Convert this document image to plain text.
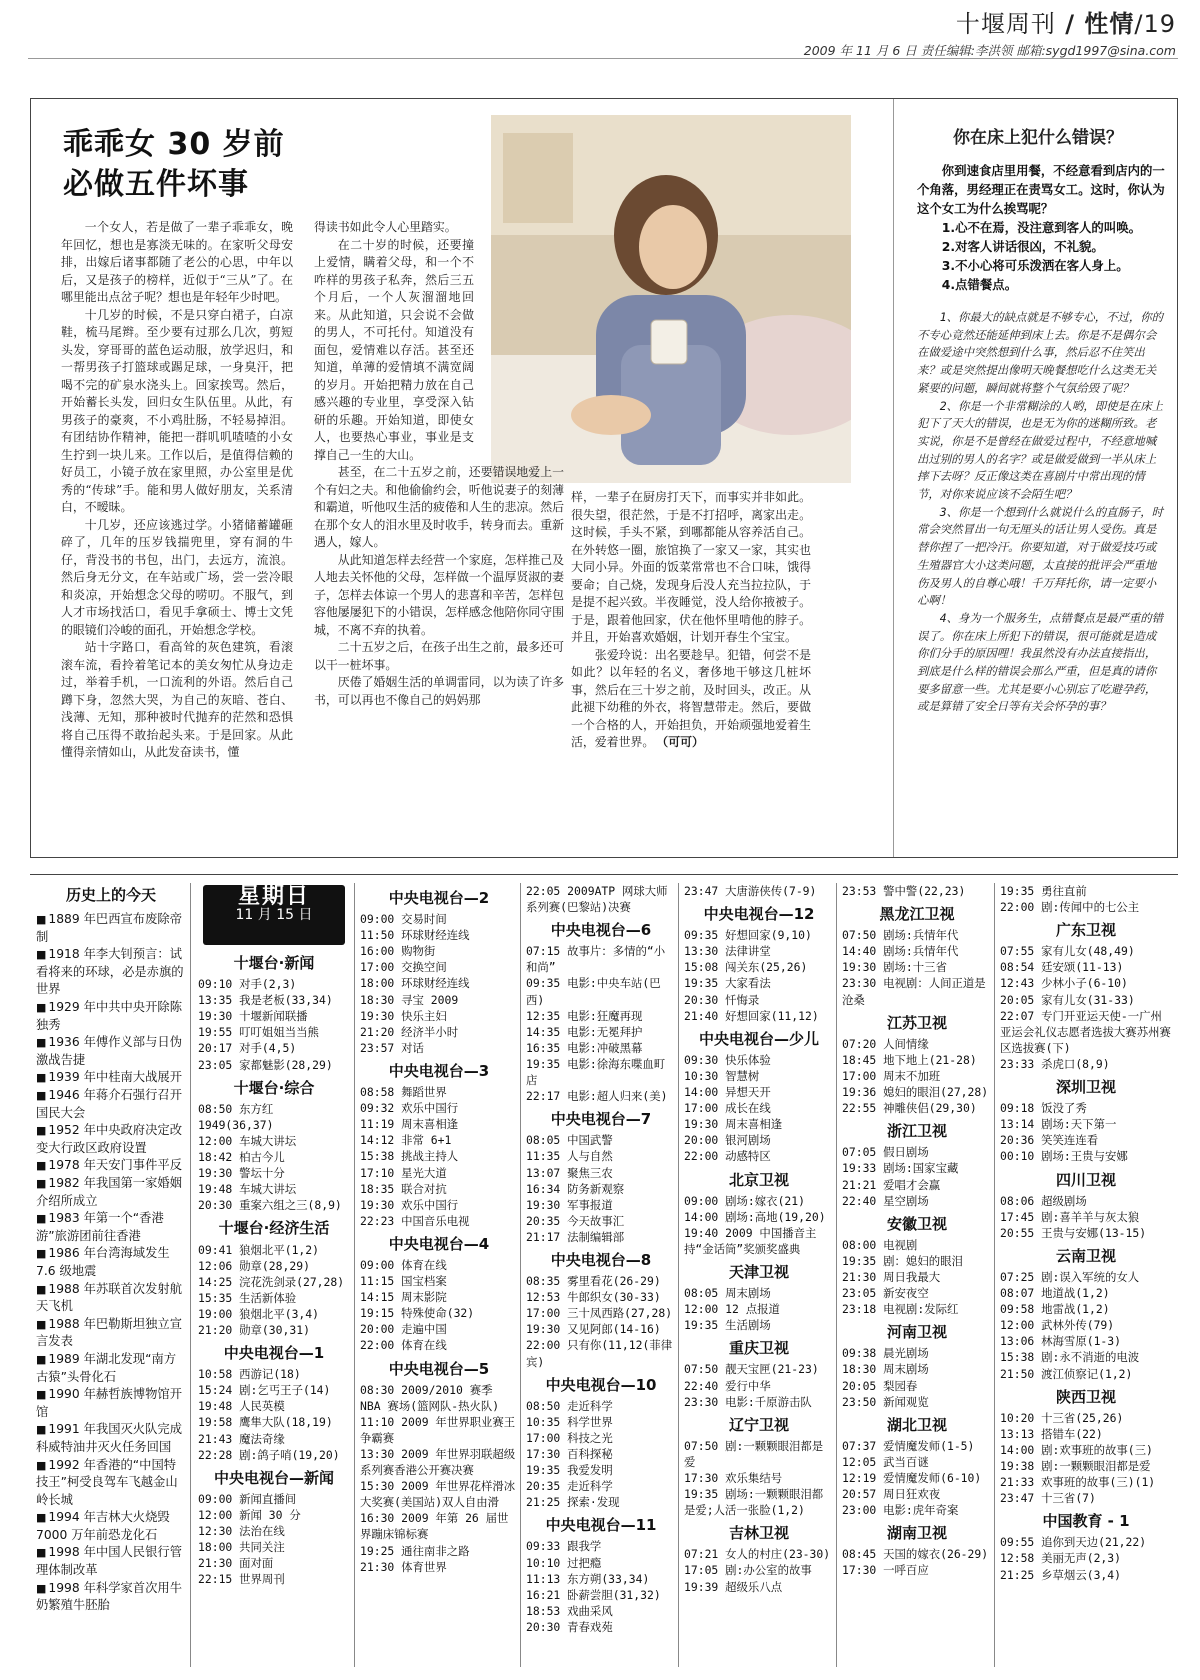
十堰周刊 / 性情/19
2009 年 11 月 6 日 责任编辑:李洪领 邮箱:sygd1997@sina.com
乖乖女 30 岁前
必做五件坏事

一个女人，若是做了一辈子乖乖女，晚年回忆，想也是寡淡无味的。在家听父母安排，出嫁后诸事都随了老公的心思，中年以后，又是孩子的榜样，近似于“三从”了。在哪里能出点岔子呢？想也是年轻年少时吧。

十几岁的时候，不是只穿白裙子，白凉鞋，梳马尾辫。至少要有过那么几次，剪短头发，穿哥哥的蓝色运动服，放学迟归，和一帮男孩子打篮球或踢足球，一身臭汗，把喝不完的矿泉水浇头上。回家挨骂。然后，开始蓄长头发，回归女生队伍里。从此，有男孩子的豪爽，不小鸡肚肠，不轻易掉泪。有团结协作精神，能把一群叽叽喳喳的小女生拧到一块儿来。工作以后，是值得信赖的好员工，小镜子放在家里照，办公室里是优秀的“传球”手。能和男人做好朋友，关系清白，不暧昧。

十几岁，还应该逃过学。小猪储蓄罐砸碎了，几年的压岁钱揣兜里，穿有洞的牛仔，背没书的书包，出门，去远方，流浪。然后身无分文，在车站或广场，尝一尝冷眼和炎凉，开始想念父母的唠叨。不服气，到人才市场找活口，看见手拿硕士、博士文凭的眼镜们冷峻的面孔，开始想念学校。

站十字路口，看高耸的灰色建筑，看滚滚车流，看拎着笔记本的美女匆忙从身边走过，举着手机，一口流利的外语。然后自己蹲下身，忽然大哭，为自己的灰暗、苍白、浅薄、无知，那种被时代抛弃的茫然和恐惧将自己压得不敢抬起头来。于是回家。从此懂得亲情如山，从此发奋读书，懂

得读书如此令人心里踏实。

在二十岁的时候，还要撞上爱情，瞒着父母，和一个不咋样的男孩子私奔，然后三五个月后，一个人灰溜溜地回来。从此知道，只会说不会做的男人，不可托付。知道没有面包，爱情难以存活。甚至还知道，单薄的爱情填不满宽阔的岁月。开始把精力放在自己感兴趣的专业里，享受深入钻研的乐趣。开始知道，即使女人，也要热心事业，事业是支撑自己一生的大山。

甚至，在二十五岁之前，还要错误地爱上一个有妇之夫。和他偷偷约会，听他说妻子的刻薄和霸道，听他叹生活的疲倦和人生的悲凉。然后在那个女人的泪水里及时收手，转身而去。重新遇人，嫁人。

从此知道怎样去经营一个家庭，怎样推己及人地去关怀他的父母，怎样做一个温厚贤淑的妻子，怎样去体谅一个男人的悲喜和辛苦，怎样包容他屡屡犯下的小错误，怎样感念他陪你同守围城，不离不弃的执着。

二十五岁之后，在孩子出生之前，最多还可以干一桩坏事。

厌倦了婚姻生活的单调雷同，以为读了许多书，可以再也不像自己的妈妈那

样，一辈子在厨房打天下，而事实并非如此。很失望，很茫然，于是不打招呼，离家出走。这时候，手头不紧，到哪都能从容养活自己。在外转悠一圈，旅馆换了一家又一家，其实也大同小异。外面的饭菜常常也不合口味，饿得要命；自己烧，发现身后没人充当拉拉队，于是提不起兴致。半夜睡觉，没人给你掖被子。于是，跟着他回家，伏在他怀里啃他的脖子。并且，开始喜欢婚姻，计划开春生个宝宝。

张爱玲说：出名要趁早。犯错，何尝不是如此？以年轻的名义，奢侈地干够这几桩坏事，然后在三十岁之前，及时回头，改正。从此褪下幼稚的外衣，将智慧带走。然后，要做一个合格的人，开始担负，开始顽强地爱着生活，爱着世界。 （可可）

你在床上犯什么错误？

你到速食店里用餐，不经意看到店内的一个角落，男经理正在责骂女工。这时，你认为这个女工为什么挨骂呢？

1.心不在焉，没注意到客人的叫唤。
2.对客人讲话很凶，不礼貌。
3.不小心将可乐泼洒在客人身上。
4.点错餐点。

1、你最大的缺点就是不够专心，不过，你的不专心竟然还能延伸到床上去。你是不是偶尔会在做爱途中突然想到什么事，然后忍不住笑出来？或是突然提出像明天晚餐想吃什么这类无关紧要的问题，瞬间就将整个气氛给毁了呢？

2、你是一个非常糊涂的人哟，即使是在床上犯下了天大的错误，也是无为你的迷糊所致。老实说，你是不是曾经在做爱过程中，不经意地喊出过别的男人的名字？或是做爱做到一半从床上摔下去呀？反正像这类在喜剧片中常出现的情节，对你来说应该不会陌生吧？

3、你是一个想到什么就说什么的直肠子，时常会突然冒出一句无厘头的话让男人受伤。真是替你捏了一把冷汗。你要知道，对于做爱技巧或生殖器官大小这类问题，太直接的批评会严重地伤及男人的自尊心哦！千万拜托你，请一定要小心啊！

4、身为一个服务生，点错餐点是最严重的错误了。你在床上所犯下的错误，很可能就是造成你们分手的原因哩！我虽然没有办法直接指出，到底是什么样的错误会那么严重，但是真的请你要多留意一些。尤其是要小心别忘了吃避孕药，或是算错了安全日等有关会怀孕的事？

历史上的今天
■ 1889 年巴西宣布废除帝制
■ 1918 年李大钊预言：试看将来的环球，必是赤旗的世界
■ 1929 年中共中央开除陈独秀
■ 1936 年傅作义部与日伪激战告捷
■ 1939 年中桂南大战展开
■ 1946 年蒋介石强行召开国民大会
■ 1952 年中央政府决定改变大行政区政府设置
■ 1978 年天安门事件平反
■ 1982 年我国第一家婚姻介绍所成立
■ 1983 年第一个“香港游”旅游团前往香港
■ 1986 年台湾海域发生 7.6 级地震
■ 1988 年苏联首次发射航天飞机
■ 1988 年巴勒斯坦独立宣言发表
■ 1989 年湖北发现“南方古猿”头骨化石
■ 1990 年赫哲族博物馆开馆
■ 1991 年我国灭火队完成科威特油井灭火任务回国
■ 1992 年香港的“中国特技王”柯受良驾车飞越金山岭长城
■ 1994 年吉林大火烧毁 7000 万年前恐龙化石
■ 1998 年中国人民银行管理体制改革
■ 1998 年科学家首次用牛奶繁殖牛胚胎
星期日
11 月 15 日
十堰台·新闻
09:10 对手(2,3)
13:35 我是老板(33,34)
19:30 十堰新闻联播
19:55 叮叮姐姐当当熊
20:17 对手(4,5)
23:05 家都魅影(28,29)
十堰台·综合
08:50 东方红 1949(36,37)
12:00 车城大讲坛
18:42 柏古今儿
19:30 警坛十分
19:48 车城大讲坛
20:30 重案六组之三(8,9)
十堰台·经济生活
09:41 狼烟北平(1,2)
12:06 勋章(28,29)
14:25 浣花洗剑录(27,28)
15:35 生活新体验
19:00 狼烟北平(3,4)
21:20 勋章(30,31)
中央电视台—1
10:58 西游记(18)
15:24 剧:乞丐王子(14)
19:48 人民英模
19:58 鹰隼大队(18,19)
21:43 魔法奇缘
22:28 剧:鸽子哨(19,20)
中央电视台—新闻
09:00 新闻直播间
12:00 新闻 30 分
12:30 法治在线
18:00 共同关注
21:30 面对面
22:15 世界周刊
中央电视台—2
09:00 交易时间
11:50 环球财经连线
16:00 购物街
17:00 交换空间
18:00 环球财经连线
18:30 寻宝 2009
19:30 快乐主妇
21:20 经济半小时
23:57 对话
中央电视台—3
08:58 舞蹈世界
09:32 欢乐中国行
11:19 周末喜相逢
14:12 非常 6+1
15:38 挑战主持人
17:10 星光大道
18:35 联合对抗
19:30 欢乐中国行
22:23 中国音乐电视
中央电视台—4
09:00 体育在线
11:15 国宝档案
14:15 周末影院
19:15 特殊使命(32)
20:00 走遍中国
22:00 体育在线
中央电视台—5
08:30 2009/2010 赛季 NBA 赛场(篮网队-热火队)
11:10 2009 年世界职业赛王争霸赛
13:30 2009 年世界羽联超级系列赛香港公开赛决赛
15:30 2009 年世界花样滑冰大奖赛(美国站)双人自由滑
16:30 2009 年第 26 届世界蹦床锦标赛
19:25 通往南非之路
21:30 体育世界
22:05 2009ATP 网球大师系列赛(巴黎站)决赛
中央电视台—6
07:15 故事片：多情的“小和尚”
09:35 电影:中央车站(巴西)
12:35 电影:狂魔再现
14:35 电影:无冕拜护
16:35 电影:冲破黑幕
19:35 电影:徐海东喋血町店
22:17 电影:超人归来(美)
中央电视台—7
08:05 中国武警
11:35 人与自然
13:07 聚焦三农
16:34 防务新观察
19:30 军事报道
20:35 今天故事汇
21:17 法制编辑部
中央电视台—8
08:35 雾里看花(26-29)
12:53 牛郎织女(30-33)
17:00 三十凤西路(27,28)
19:30 又见阿郎(14-16)
22:00 只有你(11,12(菲律宾)
中央电视台—10
08:50 走近科学
10:35 科学世界
17:00 科技之光
17:30 百科探秘
19:35 我爱发明
20:35 走近科学
21:25 探索·发现
中央电视台—11
09:33 跟我学
10:10 过把瘾
11:13 东方朔(33,34)
16:21 卧薪尝胆(31,32)
18:53 戏曲采风
20:30 青春戏苑
23:47 大唐游侠传(7-9)
中央电视台—12
09:35 好想回家(9,10)
13:30 法律讲堂
15:08 闯关东(25,26)
19:35 大家看法
20:30 忏悔录
21:40 好想回家(11,12)
中央电视台—少儿
09:30 快乐体验
10:30 智慧树
14:00 异想天开
17:00 成长在线
19:30 周末喜相逢
20:00 银河剧场
22:00 动感特区
北京卫视
09:00 剧场:嫁衣(21)
14:00 剧场:高地(19,20)
19:40 2009 中国播音主持“金话筒”奖颁奖盛典
天津卫视
08:05 周末剧场
12:00 12 点报道
19:35 生活剧场
重庆卫视
07:50 靓天宝匣(21-23)
22:40 爱行中华
23:30 电影:千原游击队
辽宁卫视
07:50 剧:一颗颗眼泪都是爱
17:30 欢乐集结号
19:35 剧场:一颗颗眼泪都是爱;人活一张脸(1,2)
吉林卫视
07:21 女人的村庄(23-30)
17:05 剧:办公室的故事
19:39 超级乐八点
23:53 警中警(22,23)
黑龙江卫视
07:50 剧场:兵情年代
14:40 剧场:兵情年代
19:30 剧场:十三省
23:30 电视剧：人间正道是沧桑
江苏卫视
07:20 人间情缘
18:45 地下地上(21-28)
17:00 周末不加班
19:36 媳妇的眼泪(27,28)
22:55 神雕侠侣(29,30)
浙江卫视
07:05 假日剧场
19:33 剧场:国家宝藏
21:21 爱唱才会赢
22:40 星空剧场
安徽卫视
08:00 电视剧
19:35 剧：媳妇的眼泪
21:30 周日我最大
23:05 新安夜空
23:18 电视剧:发际红
河南卫视
09:38 晨光剧场
18:30 周末剧场
20:05 梨园春
23:50 新闻观览
湖北卫视
07:37 爱情魔发师(1-5)
12:05 武当百谜
12:19 爱情魔发师(6-10)
20:57 周日狂欢夜
23:00 电影:虎年奇案
湖南卫视
08:45 天国的嫁衣(26-29)
17:30 一呼百应
19:35 勇往直前
22:00 剧:传闻中的七公主
广东卫视
07:55 家有儿女(48,49)
08:54 廷安颂(11-13)
12:43 少林小子(6-10)
20:05 家有儿女(31-33)
22:07 专门开亚运天使-一广州亚运会礼仪志愿者选拔大赛苏州赛区选拔赛(下)
23:33 杀虎口(8,9)
深圳卫视
09:18 饭没了秀
13:14 剧场:天下第一
20:36 笑笑连连看
00:10 剧场:王贵与安娜
四川卫视
08:06 超级剧场
17:45 剧:喜羊羊与灰太狼
20:55 王贵与安娜(13-15)
云南卫视
07:25 剧:误入军统的女人
08:07 地道战(1,2)
09:58 地雷战(1,2)
12:00 武林外传(79)
13:06 林海雪原(1-3)
15:38 剧:永不消逝的电波
21:50 渡江侦察记(1,2)
陕西卫视
10:20 十三省(25,26)
13:13 搭错车(22)
14:00 剧:欢事班的故事(三)
19:38 剧:一颗颗眼泪都是爱
21:33 欢事班的故事(三)(1)
23:47 十三省(7)
中国教育 - 1
09:55 追你到天边(21,22)
12:58 美丽无声(2,3)
21:25 乡草烟云(3,4)
